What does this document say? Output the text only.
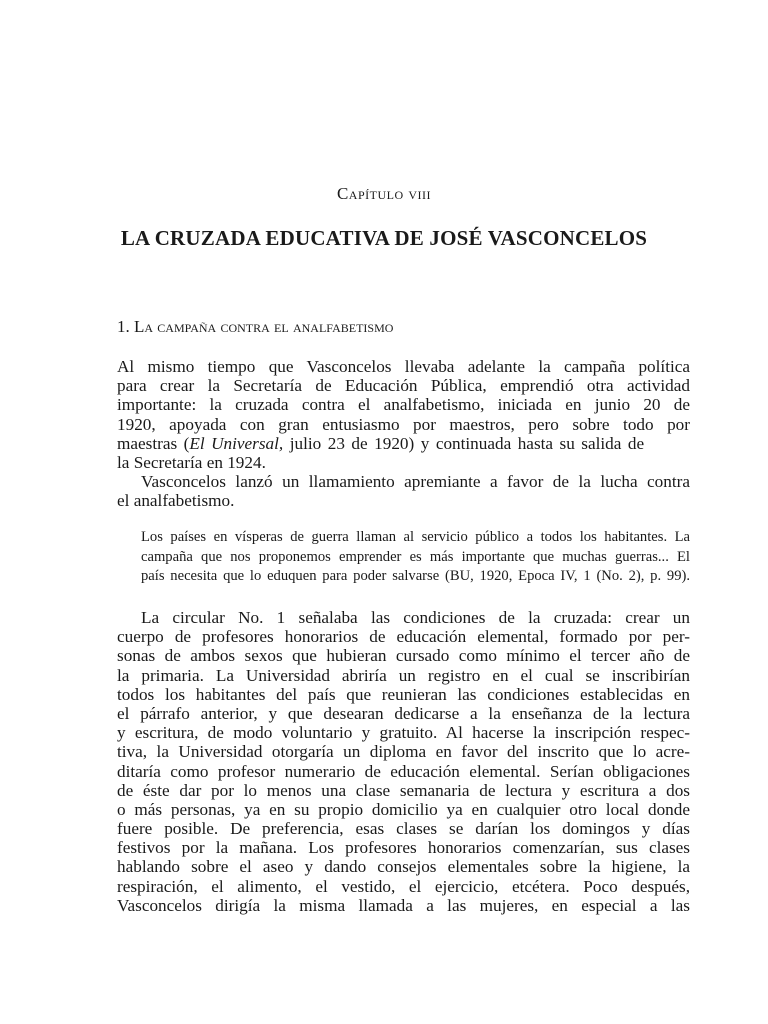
Capítulo viii
LA CRUZADA EDUCATIVA DE JOSÉ VASCONCELOS
1. La campaña contra el analfabetismo
Al mismo tiempo que Vasconcelos llevaba adelante la campaña política
para crear la Secretaría de Educación Pública, emprendió otra actividad
importante: la cruzada contra el analfabetismo, iniciada en junio 20 de
1920, apoyada con gran entusiasmo por maestros, pero sobre todo por
maestras (El Universal, julio 23 de 1920) y continuada hasta su salida de
la Secretaría en 1924.
Vasconcelos lanzó un llamamiento apremiante a favor de la lucha contra
el analfabetismo.
Los países en vísperas de guerra llaman al servicio público a todos los habitantes. La
campaña que nos proponemos emprender es más importante que muchas guerras... El
país necesita que lo eduquen para poder salvarse (BU, 1920, Epoca IV, 1 (No. 2), p. 99).
La circular No. 1 señalaba las condiciones de la cruzada: crear un
cuerpo de profesores honorarios de educación elemental, formado por per-
sonas de ambos sexos que hubieran cursado como mínimo el tercer año de
la primaria. La Universidad abriría un registro en el cual se inscribirían
todos los habitantes del país que reunieran las condiciones establecidas en
el párrafo anterior, y que desearan dedicarse a la enseñanza de la lectura
y escritura, de modo voluntario y gratuito. Al hacerse la inscripción respec-
tiva, la Universidad otorgaría un diploma en favor del inscrito que lo acre-
ditaría como profesor numerario de educación elemental. Serían obligaciones
de éste dar por lo menos una clase semanaria de lectura y escritura a dos
o más personas, ya en su propio domicilio ya en cualquier otro local donde
fuere posible. De preferencia, esas clases se darían los domingos y días
festivos por la mañana. Los profesores honorarios comenzarían, sus clases
hablando sobre el aseo y dando consejos elementales sobre la higiene, la
respiración, el alimento, el vestido, el ejercicio, etcétera. Poco después,
Vasconcelos dirigía la misma llamada a las mujeres, en especial a las
